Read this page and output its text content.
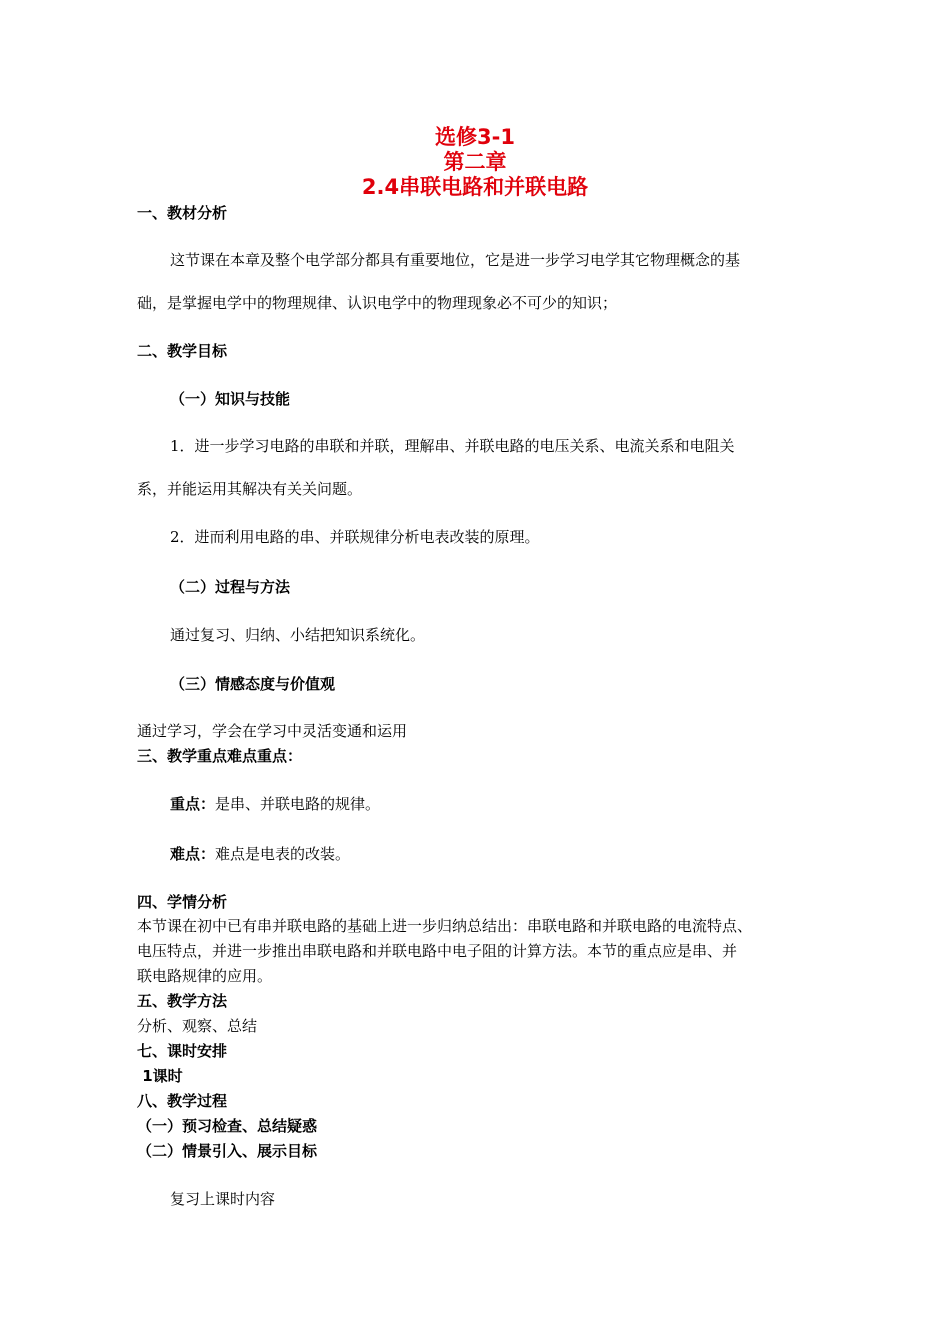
选修3-1
第二章
2.4串联电路和并联电路
一、教材分析
这节课在本章及整个电学部分都具有重要地位，它是进一步学习电学其它物理概念的基
础，是掌握电学中的物理规律、认识电学中的物理现象必不可少的知识；
二、教学目标
（一）知识与技能
1．进一步学习电路的串联和并联，理解串、并联电路的电压关系、电流关系和电阻关
系，并能运用其解决有关关问题。
2．进而利用电路的串、并联规律分析电表改装的原理。
（二）过程与方法
通过复习、归纳、小结把知识系统化。
（三）情感态度与价值观
通过学习，学会在学习中灵活变通和运用
三、教学重点难点重点：
重点：是串、并联电路的规律。
难点：难点是电表的改装。
四、学情分析
本节课在初中已有串并联电路的基础上进一步归纳总结出：串联电路和并联电路的电流特点、
电压特点，并进一步推出串联电路和并联电路中电子阻的计算方法。本节的重点应是串、并
联电路规律的应用。
五、教学方法
分析、观察、总结
七、课时安排
1课时
八、教学过程
（一）预习检查、总结疑惑
（二）情景引入、展示目标
复习上课时内容
